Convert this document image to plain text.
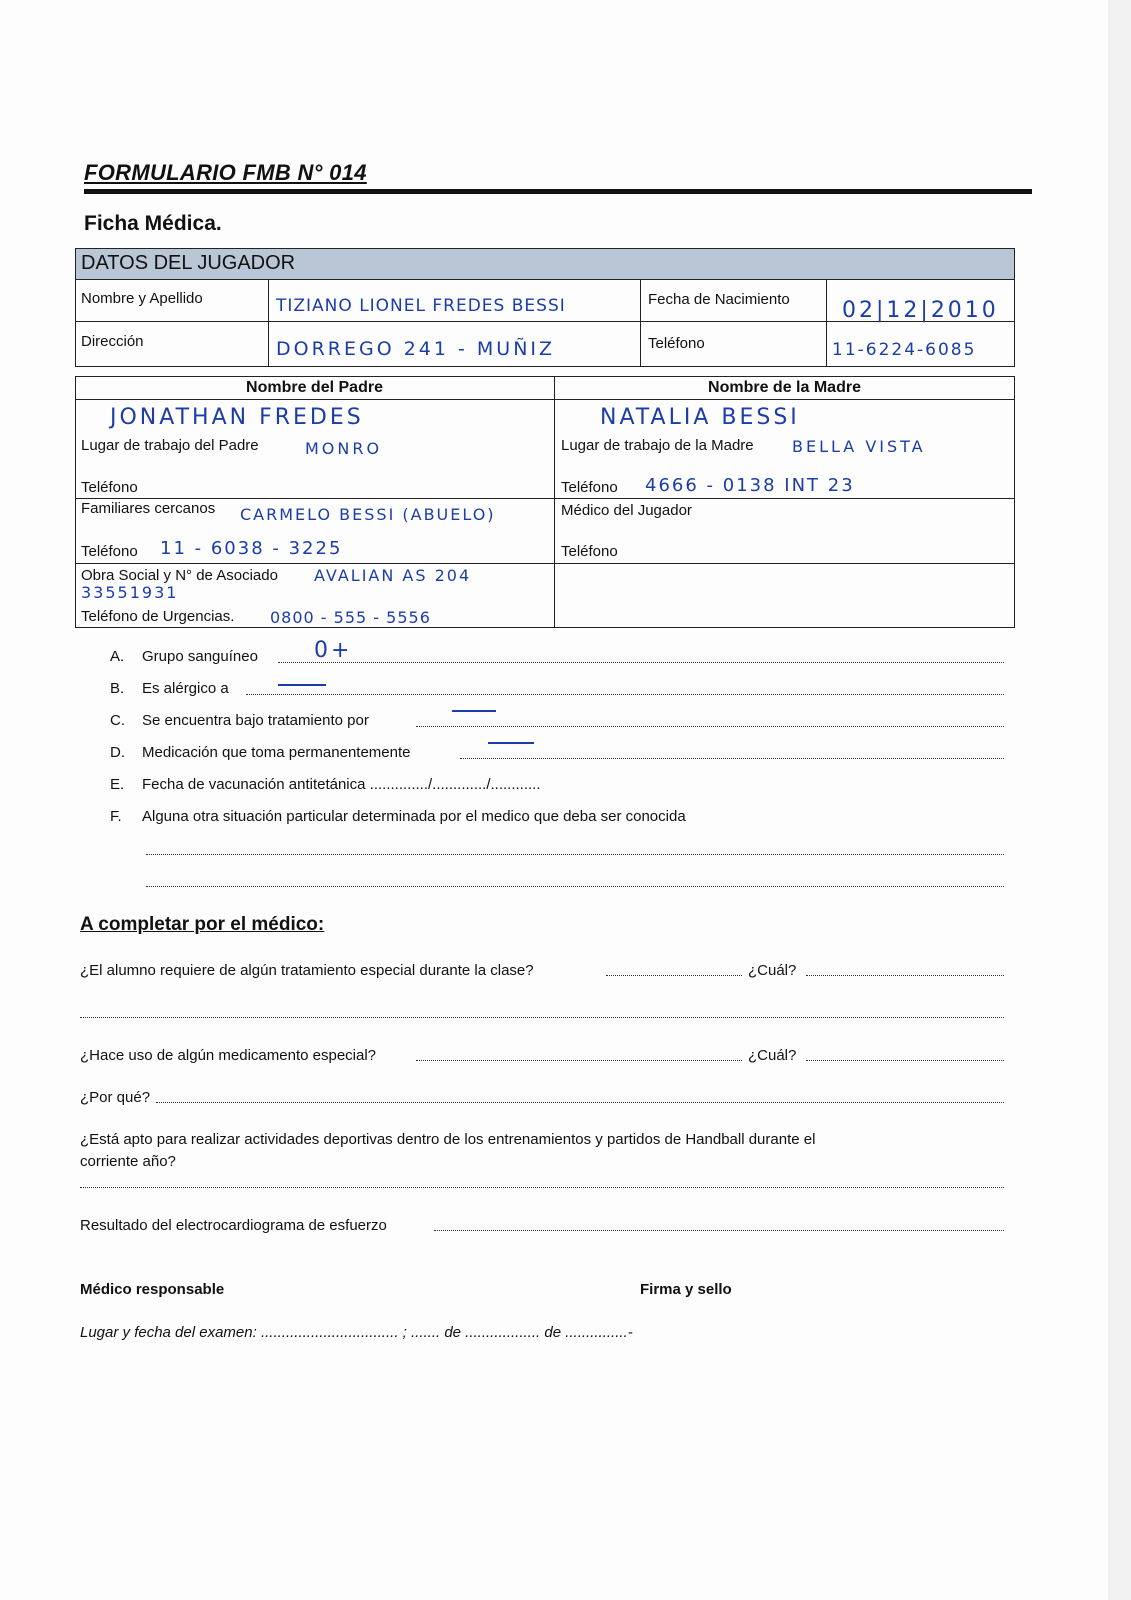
FORMULARIO FMB N° 014
Ficha Médica.
DATOS DEL JUGADOR
Nombre y Apellido	TIZIANO LIONEL FREDES BESSI	Fecha de Nacimiento 02|12|2010
Dirección	DORREGO 241 - MUÑIZ	Teléfono	11-6224-6085
Nombre del Padre	Nombre de la Madre
JONATHAN FREDES	NATALIA BESSI
Lugar de trabajo del Padre	MONRO	Lugar de trabajo de la Madre BELLA VISTA
Teléfono	Teléfono 4666 - 0138 INT 23
Familiares cercanos CARMELO BESSI (ABUELO)	Médico del Jugador
Teléfono 11 - 6038 - 3225	Teléfono
Obra Social y N° de Asociado AVALIAN AS 204
33551931
Teléfono de Urgencias. 0800 - 555 - 5556
A. Grupo sanguíneo	0+
B. Es alérgico a
C. Se encuentra bajo tratamiento por
D. Medicación que toma permanentemente
E. Fecha de vacunación antitetánica ............../............./............
F. Alguna otra situación particular determinada por el medico que deba ser conocida
A completar por el médico:
¿El alumno requiere de algún tratamiento especial durante la clase?	¿Cuál?
¿Hace uso de algún medicamento especial?	¿Cuál?
¿Por qué?
¿Está apto para realizar actividades deportivas dentro de los entrenamientos y partidos de Handball durante el
corriente año?
Resultado del electrocardiograma de esfuerzo
Médico responsable	Firma y sello
Lugar y fecha del examen: ................................. ; ....... de .................. de ...............-
